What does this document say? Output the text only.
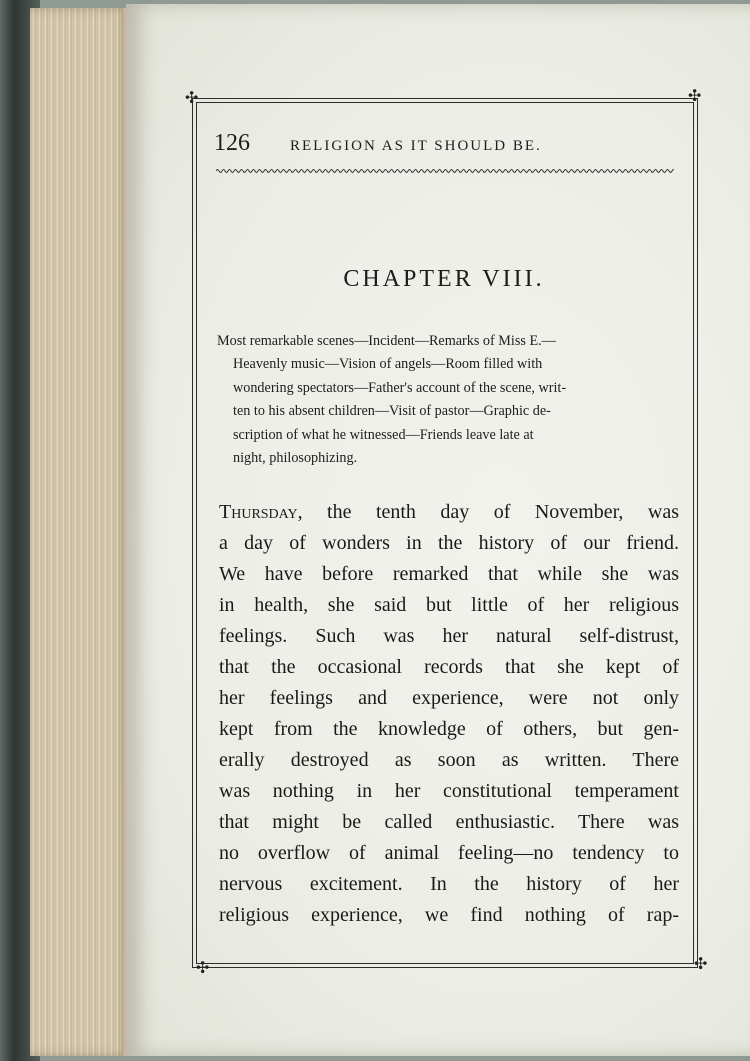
✣	✣
✣	✣
126	RELIGION AS IT SHOULD BE.
CHAPTER VIII.
Most remarkable scenes—Incident—Remarks of Miss E.—
Heavenly music—Vision of angels—Room filled with
wondering spectators—Father's account of the scene, writ-
ten to his absent children—Visit of pastor—Graphic de-
scription of what he witnessed—Friends leave late at
night, philosophizing.
Thursday, the tenth day of November, was
a day of wonders in the history of our friend.
We have before remarked that while she was
in health, she said but little of her religious
feelings. Such was her natural self-distrust,
that the occasional records that she kept of
her feelings and experience, were not only
kept from the knowledge of others, but gen-
erally destroyed as soon as written. There
was nothing in her constitutional temperament
that might be called enthusiastic. There was
no overflow of animal feeling—no tendency to
nervous excitement. In the history of her
religious experience, we find nothing of rap-
